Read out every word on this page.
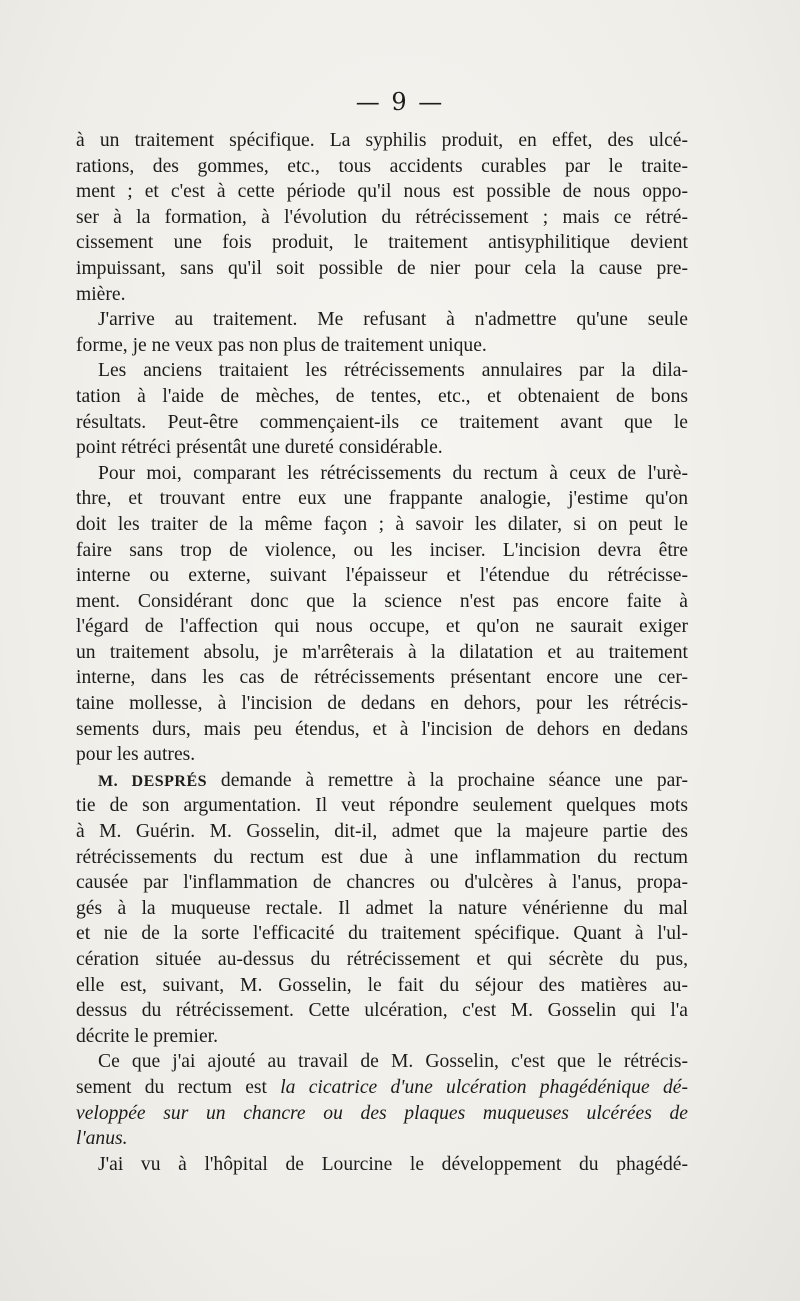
— 9 —
à un traitement spécifique. La syphilis produit, en effet, des ulcé-
rations, des gommes, etc., tous accidents curables par le traite-
ment ; et c'est à cette période qu'il nous est possible de nous oppo-
ser à la formation, à l'évolution du rétrécissement ; mais ce rétré-
cissement une fois produit, le traitement antisyphilitique devient
impuissant, sans qu'il soit possible de nier pour cela la cause pre-
mière.
J'arrive au traitement. Me refusant à n'admettre qu'une seule
forme, je ne veux pas non plus de traitement unique.
Les anciens traitaient les rétrécissements annulaires par la dila-
tation à l'aide de mèches, de tentes, etc., et obtenaient de bons
résultats. Peut-être commençaient-ils ce traitement avant que le
point rétréci présentât une dureté considérable.
Pour moi, comparant les rétrécissements du rectum à ceux de l'urè-
thre, et trouvant entre eux une frappante analogie, j'estime qu'on
doit les traiter de la même façon ; à savoir les dilater, si on peut le
faire sans trop de violence, ou les inciser. L'incision devra être
interne ou externe, suivant l'épaisseur et l'étendue du rétrécisse-
ment. Considérant donc que la science n'est pas encore faite à
l'égard de l'affection qui nous occupe, et qu'on ne saurait exiger
un traitement absolu, je m'arrêterais à la dilatation et au traitement
interne, dans les cas de rétrécissements présentant encore une cer-
taine mollesse, à l'incision de dedans en dehors, pour les rétrécis-
sements durs, mais peu étendus, et à l'incision de dehors en dedans
pour les autres.
M. DESPRÉS demande à remettre à la prochaine séance une par-
tie de son argumentation. Il veut répondre seulement quelques mots
à M. Guérin. M. Gosselin, dit-il, admet que la majeure partie des
rétrécissements du rectum est due à une inflammation du rectum
causée par l'inflammation de chancres ou d'ulcères à l'anus, propa-
gés à la muqueuse rectale. Il admet la nature vénérienne du mal
et nie de la sorte l'efficacité du traitement spécifique. Quant à l'ul-
cération située au-dessus du rétrécissement et qui sécrète du pus,
elle est, suivant, M. Gosselin, le fait du séjour des matières au-
dessus du rétrécissement. Cette ulcération, c'est M. Gosselin qui l'a
décrite le premier.
Ce que j'ai ajouté au travail de M. Gosselin, c'est que le rétrécis-
sement du rectum est la cicatrice d'une ulcération phagédénique dé-
veloppée sur un chancre ou des plaques muqueuses ulcérées de
l'anus.
J'ai vu à l'hôpital de Lourcine le développement du phagédé-
